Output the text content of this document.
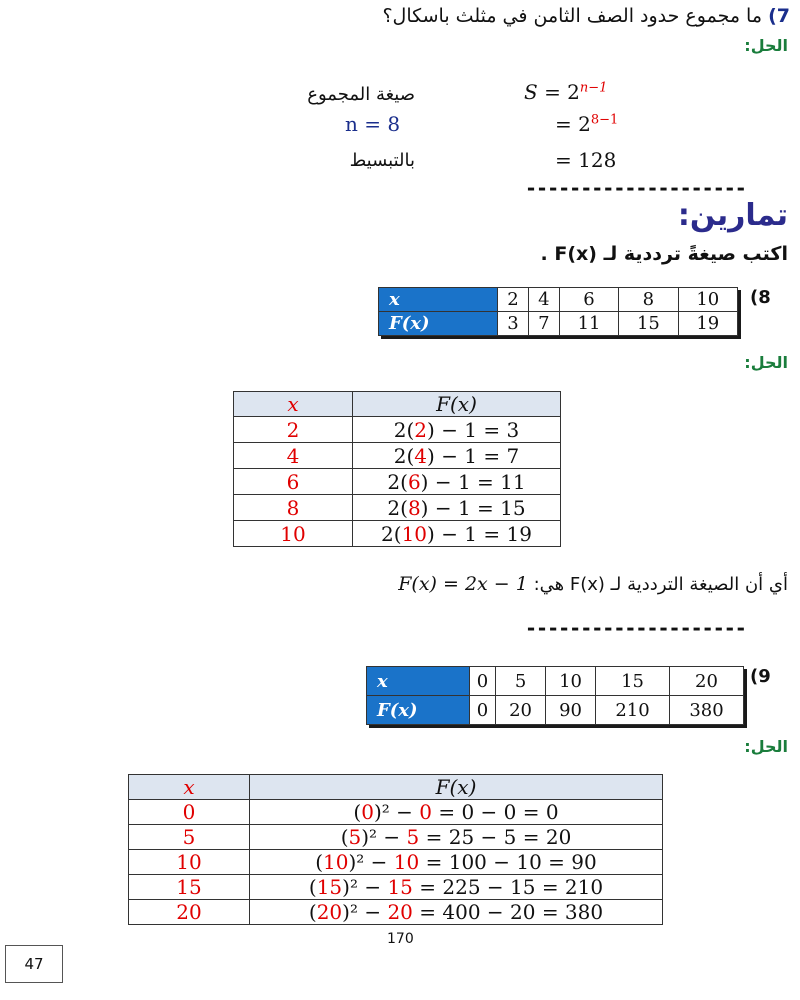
7) ما مجموع حدود الصف الثامن في مثلث باسكال؟
الحل:
$S = 2^{n-1}$
صيغة المجموع
= $2^{8-1}$
n = 8
= 128
بالتبسيط
--------------------
تمارين:
اكتب صيغةً ترددية لـ F(x) .
(8
x	2	4	6	8	10
F(x)	3	7	11	15	19
الحل:
x	F(x)
2	2(2) − 1 = 3
4	2(4) − 1 = 7
6	2(6) − 1 = 11
8	2(8) − 1 = 15
10	2(10) − 1 = 19
F(x) = 2x − 1 أي أن الصيغة الترددية لـ F(x) هي:
--------------------
(9
x	0	5	10	15	20
F(x)	0	20	90	210	380
الحل:
x	F(x)
0	(0)² − 0 = 0 − 0 = 0
5	(5)² − 5 = 25 − 5 = 20
10	(10)² − 10 = 100 − 10 = 90
15	(15)² − 15 = 225 − 15 = 210
20	(20)² − 20 = 400 − 20 = 380
170
47
